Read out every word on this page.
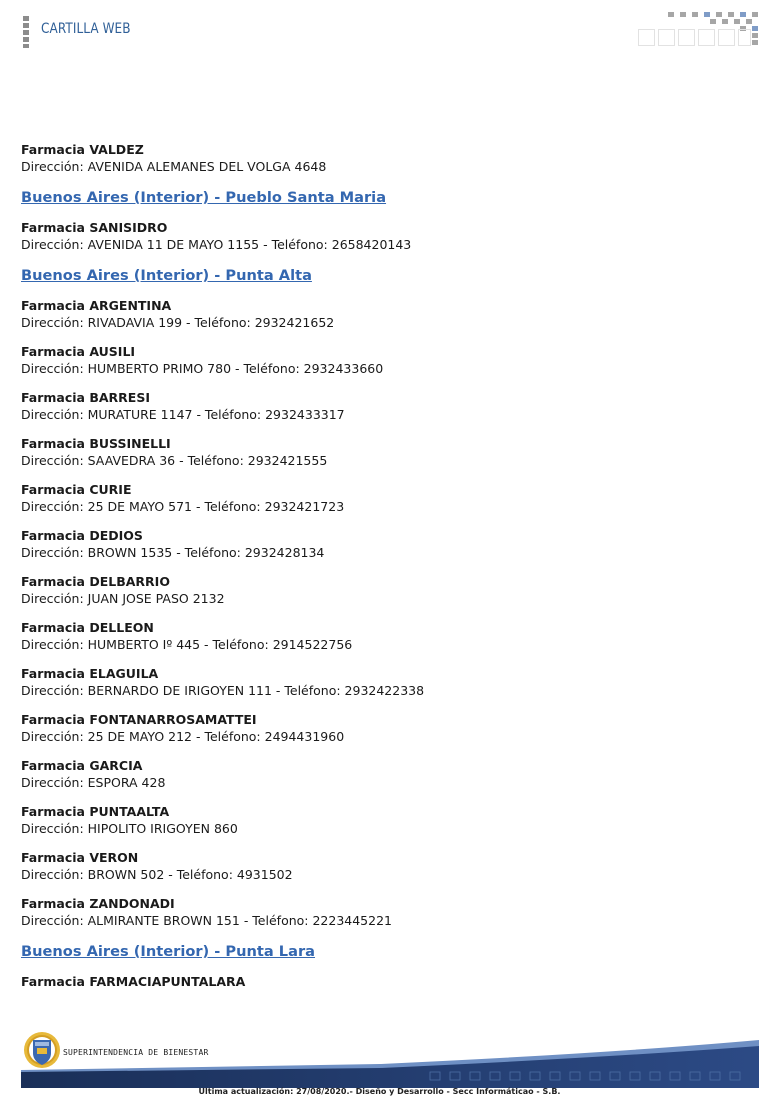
CARTILLA WEB
Farmacia VALDEZ
Dirección: AVENIDA ALEMANES DEL VOLGA 4648
Buenos Aires (Interior) - Pueblo Santa Maria
Farmacia SANISIDRO
Dirección: AVENIDA 11 DE MAYO 1155 - Teléfono: 2658420143
Buenos Aires (Interior) - Punta Alta
Farmacia ARGENTINA
Dirección: RIVADAVIA 199 - Teléfono: 2932421652
Farmacia AUSILI
Dirección: HUMBERTO PRIMO 780 - Teléfono: 2932433660
Farmacia BARRESI
Dirección: MURATURE 1147 - Teléfono: 2932433317
Farmacia BUSSINELLI
Dirección: SAAVEDRA 36 - Teléfono: 2932421555
Farmacia CURIE
Dirección: 25 DE MAYO 571 - Teléfono: 2932421723
Farmacia DEDIOS
Dirección: BROWN 1535 - Teléfono: 2932428134
Farmacia DELBARRIO
Dirección: JUAN JOSE PASO 2132
Farmacia DELLEON
Dirección: HUMBERTO Iº 445 - Teléfono: 2914522756
Farmacia ELAGUILA
Dirección: BERNARDO DE IRIGOYEN 111 - Teléfono: 2932422338
Farmacia FONTANARROSAMATTEI
Dirección: 25 DE MAYO 212 - Teléfono: 2494431960
Farmacia GARCIA
Dirección: ESPORA 428
Farmacia PUNTAALTA
Dirección: HIPOLITO IRIGOYEN 860
Farmacia VERON
Dirección: BROWN 502 - Teléfono: 4931502
Farmacia ZANDONADI
Dirección: ALMIRANTE BROWN 151 - Teléfono: 2223445221
Buenos Aires (Interior) - Punta Lara
Farmacia FARMACIAPUNTALARA
SUPERINTENDENCIA DE BIENESTAR
Ultima actualización: 27/08/2020.- Diseño y Desarrollo - Secc Informáticao - S.B.
